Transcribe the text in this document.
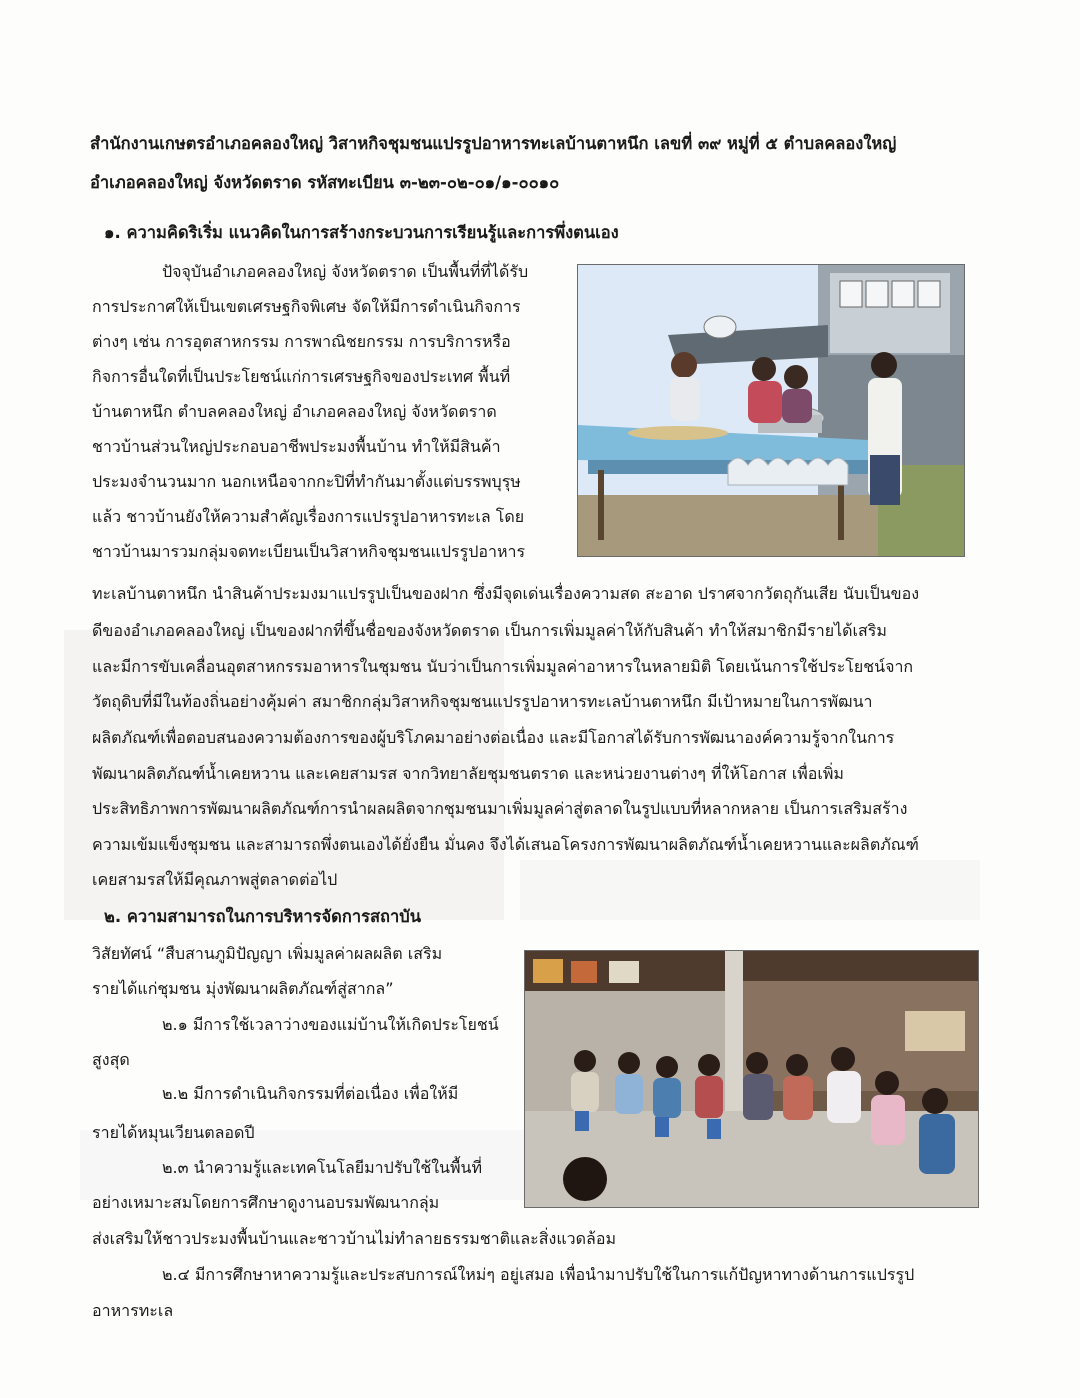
สำนักงานเกษตรอำเภอคลองใหญ่ วิสาหกิจชุมชนแปรรูปอาหารทะเลบ้านตาหนึก เลขที่ ๓๙ หมู่ที่ ๕ ตำบลคลองใหญ่
อำเภอคลองใหญ่ จังหวัดตราด รหัสทะเบียน ๓-๒๓-๐๒-๐๑/๑-๐๐๑๐
๑. ความคิดริเริ่ม แนวคิดในการสร้างกระบวนการเรียนรู้และการพึ่งตนเอง
ปัจจุบันอำเภอคลองใหญ่ จังหวัดตราด เป็นพื้นที่ที่ได้รับ
การประกาศให้เป็นเขตเศรษฐกิจพิเศษ จัดให้มีการดำเนินกิจการ
ต่างๆ เช่น การอุตสาหกรรม การพาณิชยกรรม การบริการหรือ
กิจการอื่นใดที่เป็นประโยชน์แก่การเศรษฐกิจของประเทศ พื้นที่
บ้านตาหนึก ตำบลคลองใหญ่ อำเภอคลองใหญ่ จังหวัดตราด
ชาวบ้านส่วนใหญ่ประกอบอาชีพประมงพื้นบ้าน ทำให้มีสินค้า
ประมงจำนวนมาก นอกเหนือจากกะปิที่ทำกันมาตั้งแต่บรรพบุรุษ
แล้ว ชาวบ้านยังให้ความสำคัญเรื่องการแปรรูปอาหารทะเล โดย
ชาวบ้านมารวมกลุ่มจดทะเบียนเป็นวิสาหกิจชุมชนแปรรูปอาหาร
ทะเลบ้านตาหนึก นำสินค้าประมงมาแปรรูปเป็นของฝาก ซึ่งมีจุดเด่นเรื่องความสด สะอาด ปราศจากวัตถุกันเสีย นับเป็นของ
ดีของอำเภอคลองใหญ่ เป็นของฝากที่ขึ้นชื่อของจังหวัดตราด เป็นการเพิ่มมูลค่าให้กับสินค้า ทำให้สมาชิกมีรายได้เสริม
และมีการขับเคลื่อนอุตสาหกรรมอาหารในชุมชน นับว่าเป็นการเพิ่มมูลค่าอาหารในหลายมิติ โดยเน้นการใช้ประโยชน์จาก
วัตถุดิบที่มีในท้องถิ่นอย่างคุ้มค่า สมาชิกกลุ่มวิสาหกิจชุมชนแปรรูปอาหารทะเลบ้านตาหนึก มีเป้าหมายในการพัฒนา
ผลิตภัณฑ์เพื่อตอบสนองความต้องการของผู้บริโภคมาอย่างต่อเนื่อง และมีโอกาสได้รับการพัฒนาองค์ความรู้จากในการ
พัฒนาผลิตภัณฑ์น้ำเคยหวาน และเคยสามรส จากวิทยาลัยชุมชนตราด และหน่วยงานต่างๆ ที่ให้โอกาส เพื่อเพิ่ม
ประสิทธิภาพการพัฒนาผลิตภัณฑ์การนำผลผลิตจากชุมชนมาเพิ่มมูลค่าสู่ตลาดในรูปแบบที่หลากหลาย เป็นการเสริมสร้าง
ความเข้มแข็งชุมชน และสามารถพึ่งตนเองได้ยั่งยืน มั่นคง จึงได้เสนอโครงการพัฒนาผลิตภัณฑ์น้ำเคยหวานและผลิตภัณฑ์
เคยสามรสให้มีคุณภาพสู่ตลาดต่อไป
๒. ความสามารถในการบริหารจัดการสถาบัน
วิสัยทัศน์ “สืบสานภูมิปัญญา เพิ่มมูลค่าผลผลิต เสริม
รายได้แก่ชุมชน มุ่งพัฒนาผลิตภัณฑ์สู่สากล”
๒.๑ มีการใช้เวลาว่างของแม่บ้านให้เกิดประโยชน์
สูงสุด
๒.๒ มีการดำเนินกิจกรรมที่ต่อเนื่อง เพื่อให้มี
รายได้หมุนเวียนตลอดปี
๒.๓ นำความรู้และเทคโนโลยีมาปรับใช้ในพื้นที่
อย่างเหมาะสมโดยการศึกษาดูงานอบรมพัฒนากลุ่ม
ส่งเสริมให้ชาวประมงพื้นบ้านและชาวบ้านไม่ทำลายธรรมชาติและสิ่งแวดล้อม
๒.๔ มีการศึกษาหาความรู้และประสบการณ์ใหม่ๆ อยู่เสมอ เพื่อนำมาปรับใช้ในการแก้ปัญหาทางด้านการแปรรูป
อาหารทะเล
